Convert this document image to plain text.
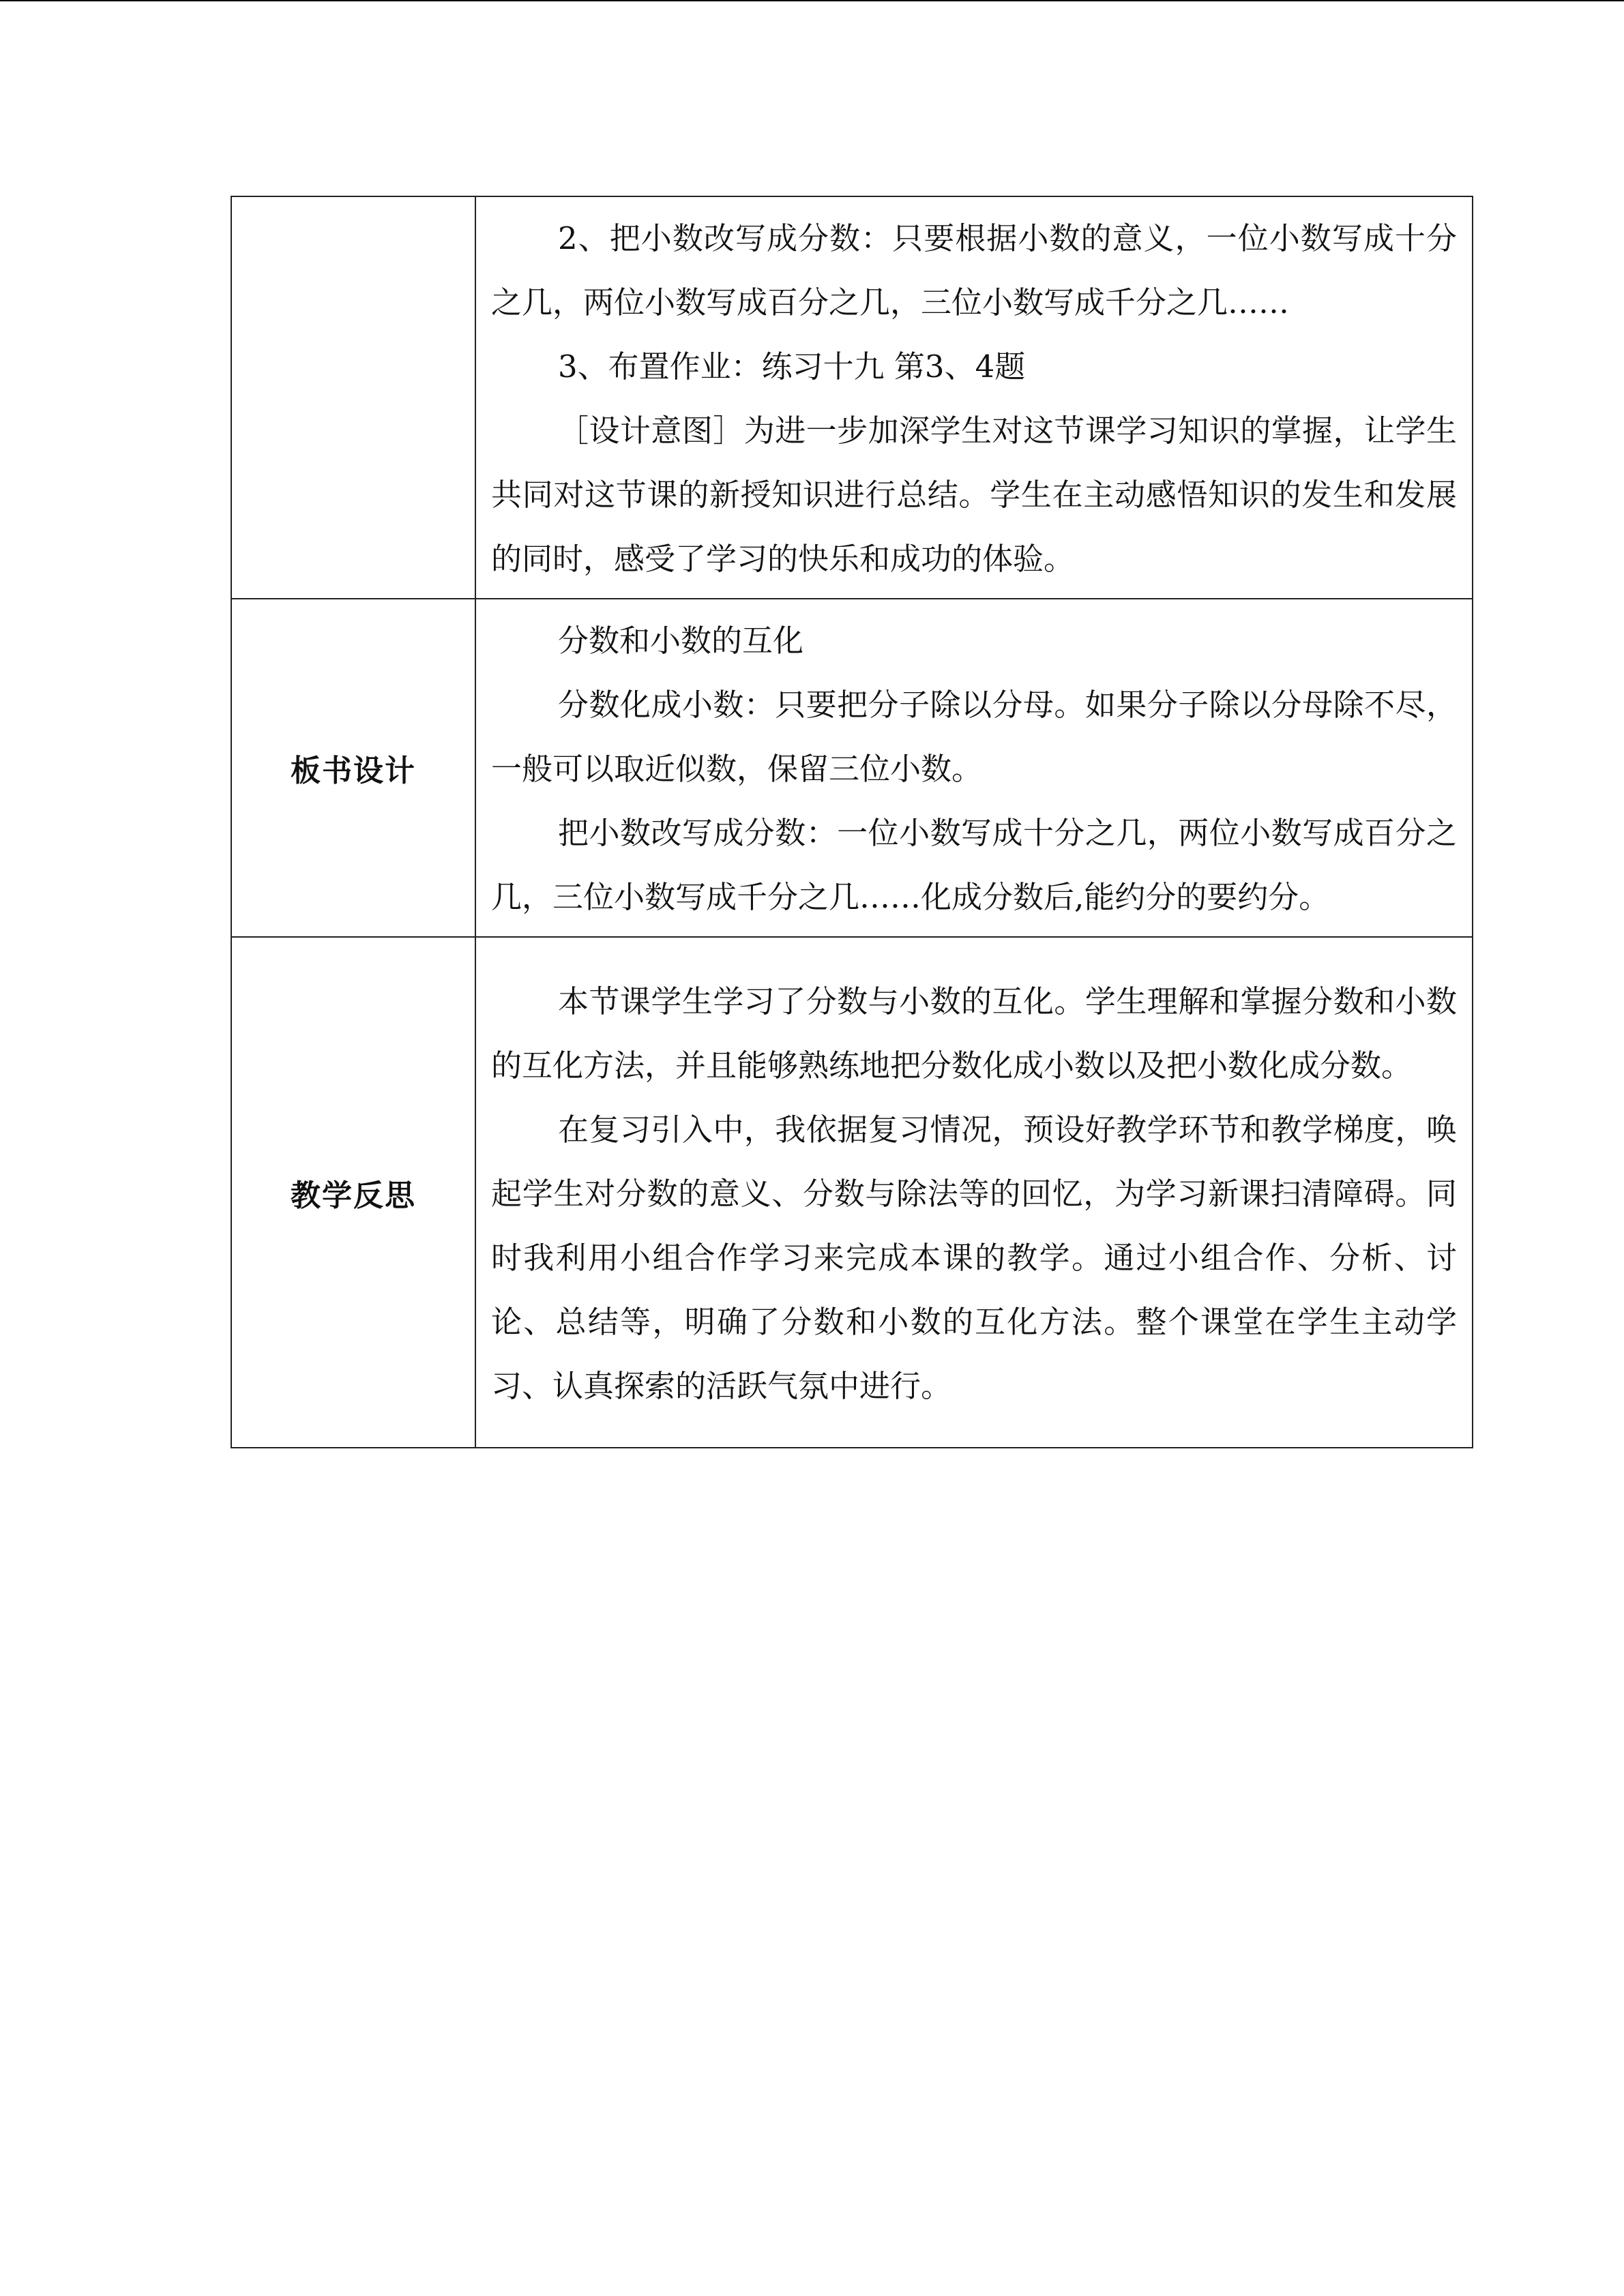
	2、把小数改写成分数：只要根据小数的意义，一位小数写成十分之几，两位小数写成百分之几，三位小数写成千分之几……

3、布置作业：练习十九 第3、4题

［设计意图］为进一步加深学生对这节课学习知识的掌握，让学生共同对这节课的新授知识进行总结。学生在主动感悟知识的发生和发展的同时，感受了学习的快乐和成功的体验。

板书设计	分数和小数的互化

分数化成小数：只要把分子除以分母。如果分子除以分母除不尽，一般可以取近似数，保留三位小数。

把小数改写成分数：一位小数写成十分之几，两位小数写成百分之几，三位小数写成千分之几……化成分数后,能约分的要约分。

教学反思	本节课学生学习了分数与小数的互化。学生理解和掌握分数和小数的互化方法，并且能够熟练地把分数化成小数以及把小数化成分数。

在复习引入中，我依据复习情况，预设好教学环节和教学梯度，唤起学生对分数的意义、分数与除法等的回忆，为学习新课扫清障碍。同时我利用小组合作学习来完成本课的教学。通过小组合作、分析、讨论、总结等，明确了分数和小数的互化方法。整个课堂在学生主动学习、认真探索的活跃气氛中进行。
